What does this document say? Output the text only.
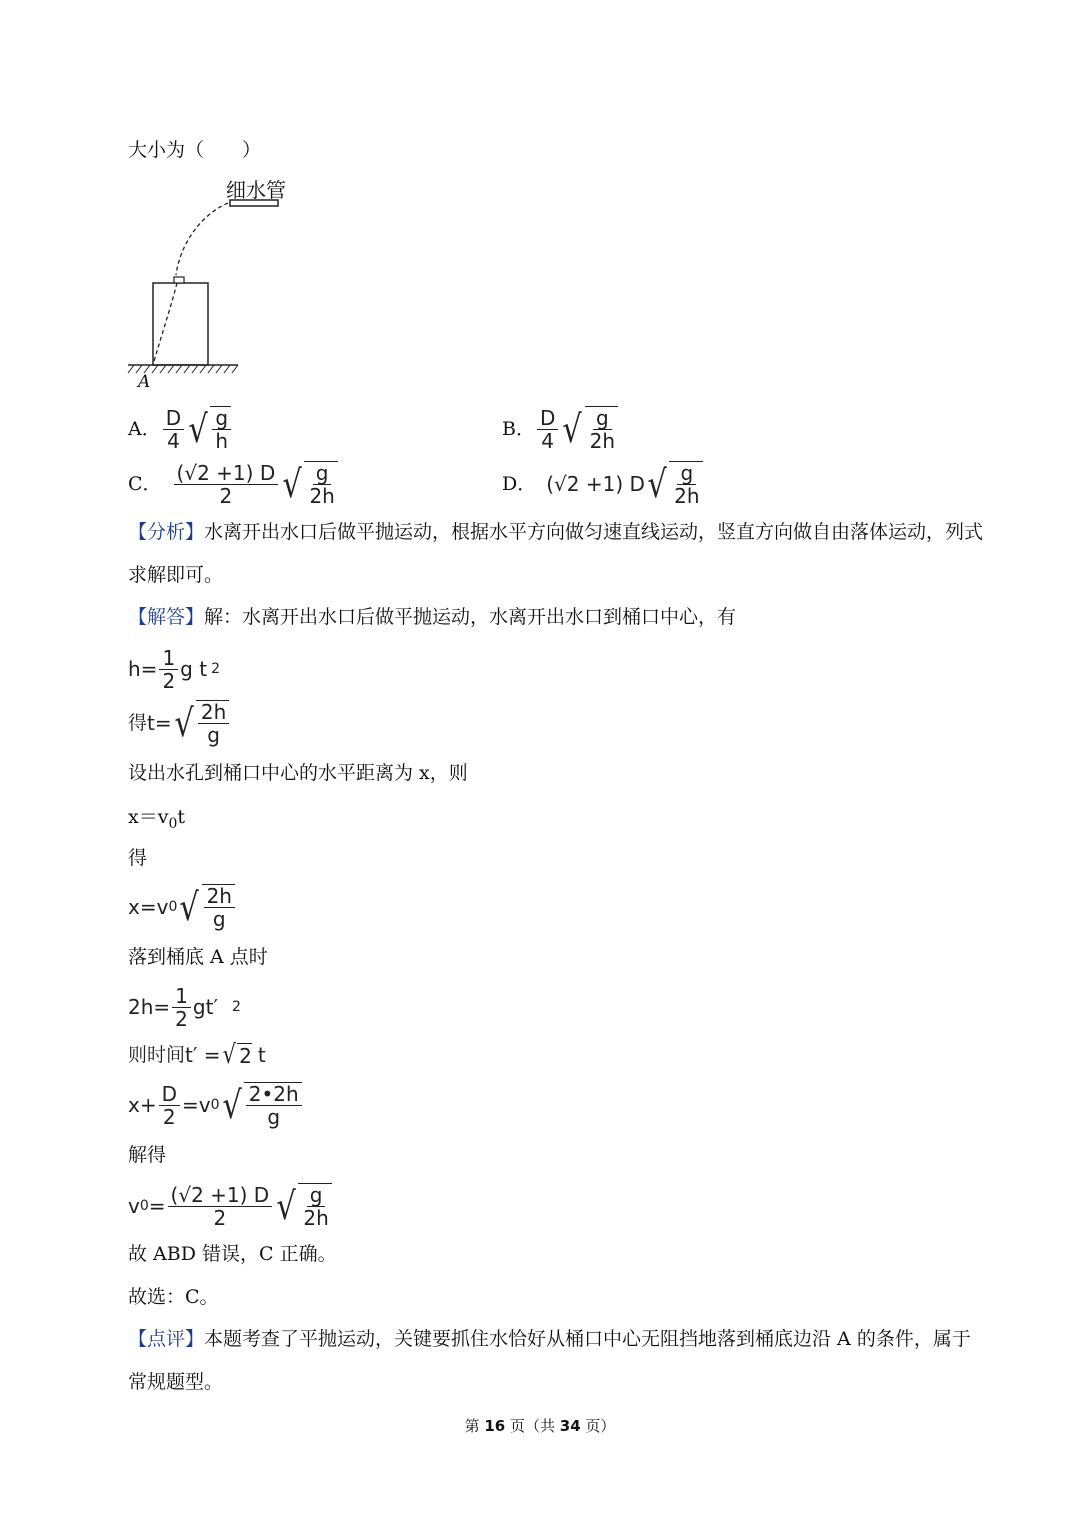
大小为（　　）
细水管
A
A． $\frac{D}{4}$ √ $\frac{g}{h}$	B． $\frac{D}{4}$ √ $\frac{g}{2h}$
C． $\frac{(√2 +1) D}{2}$ √ $\frac{g}{2h}$	D． (√2 +1) D √ $\frac{g}{2h}$
【分析】水离开出水口后做平抛运动，根据水平方向做匀速直线运动，竖直方向做自由落体运动，列式
求解即可。
【解答】解：水离开出水口后做平抛运动，水离开出水口到桶口中心，有
$h= \frac{1}{2}$ g t 2
得 t= √ $\frac{2h}{g}$
设出水孔到桶口中心的水平距离为 x，则
$x=v_0t$
得
x=v 0 √ $\frac{2h}{g}$
落到桶底 A 点时
$2h= \frac{1}{2} gt'$ 2
则时间 t′ = √ 2 t
$x+ \frac{D}{2} =v$ 0 √ $\frac{2•2h}{g}$
解得
v $0 = \frac{(√2 +1) D}{2}$ √ $\frac{g}{2h}$
故 ABD 错误，C 正确。
故选：C。
【点评】本题考查了平抛运动，关键要抓住水恰好从桶口中心无阻挡地落到桶底边沿 A 的条件，属于
常规题型。
第 16 页（共 34 页）
